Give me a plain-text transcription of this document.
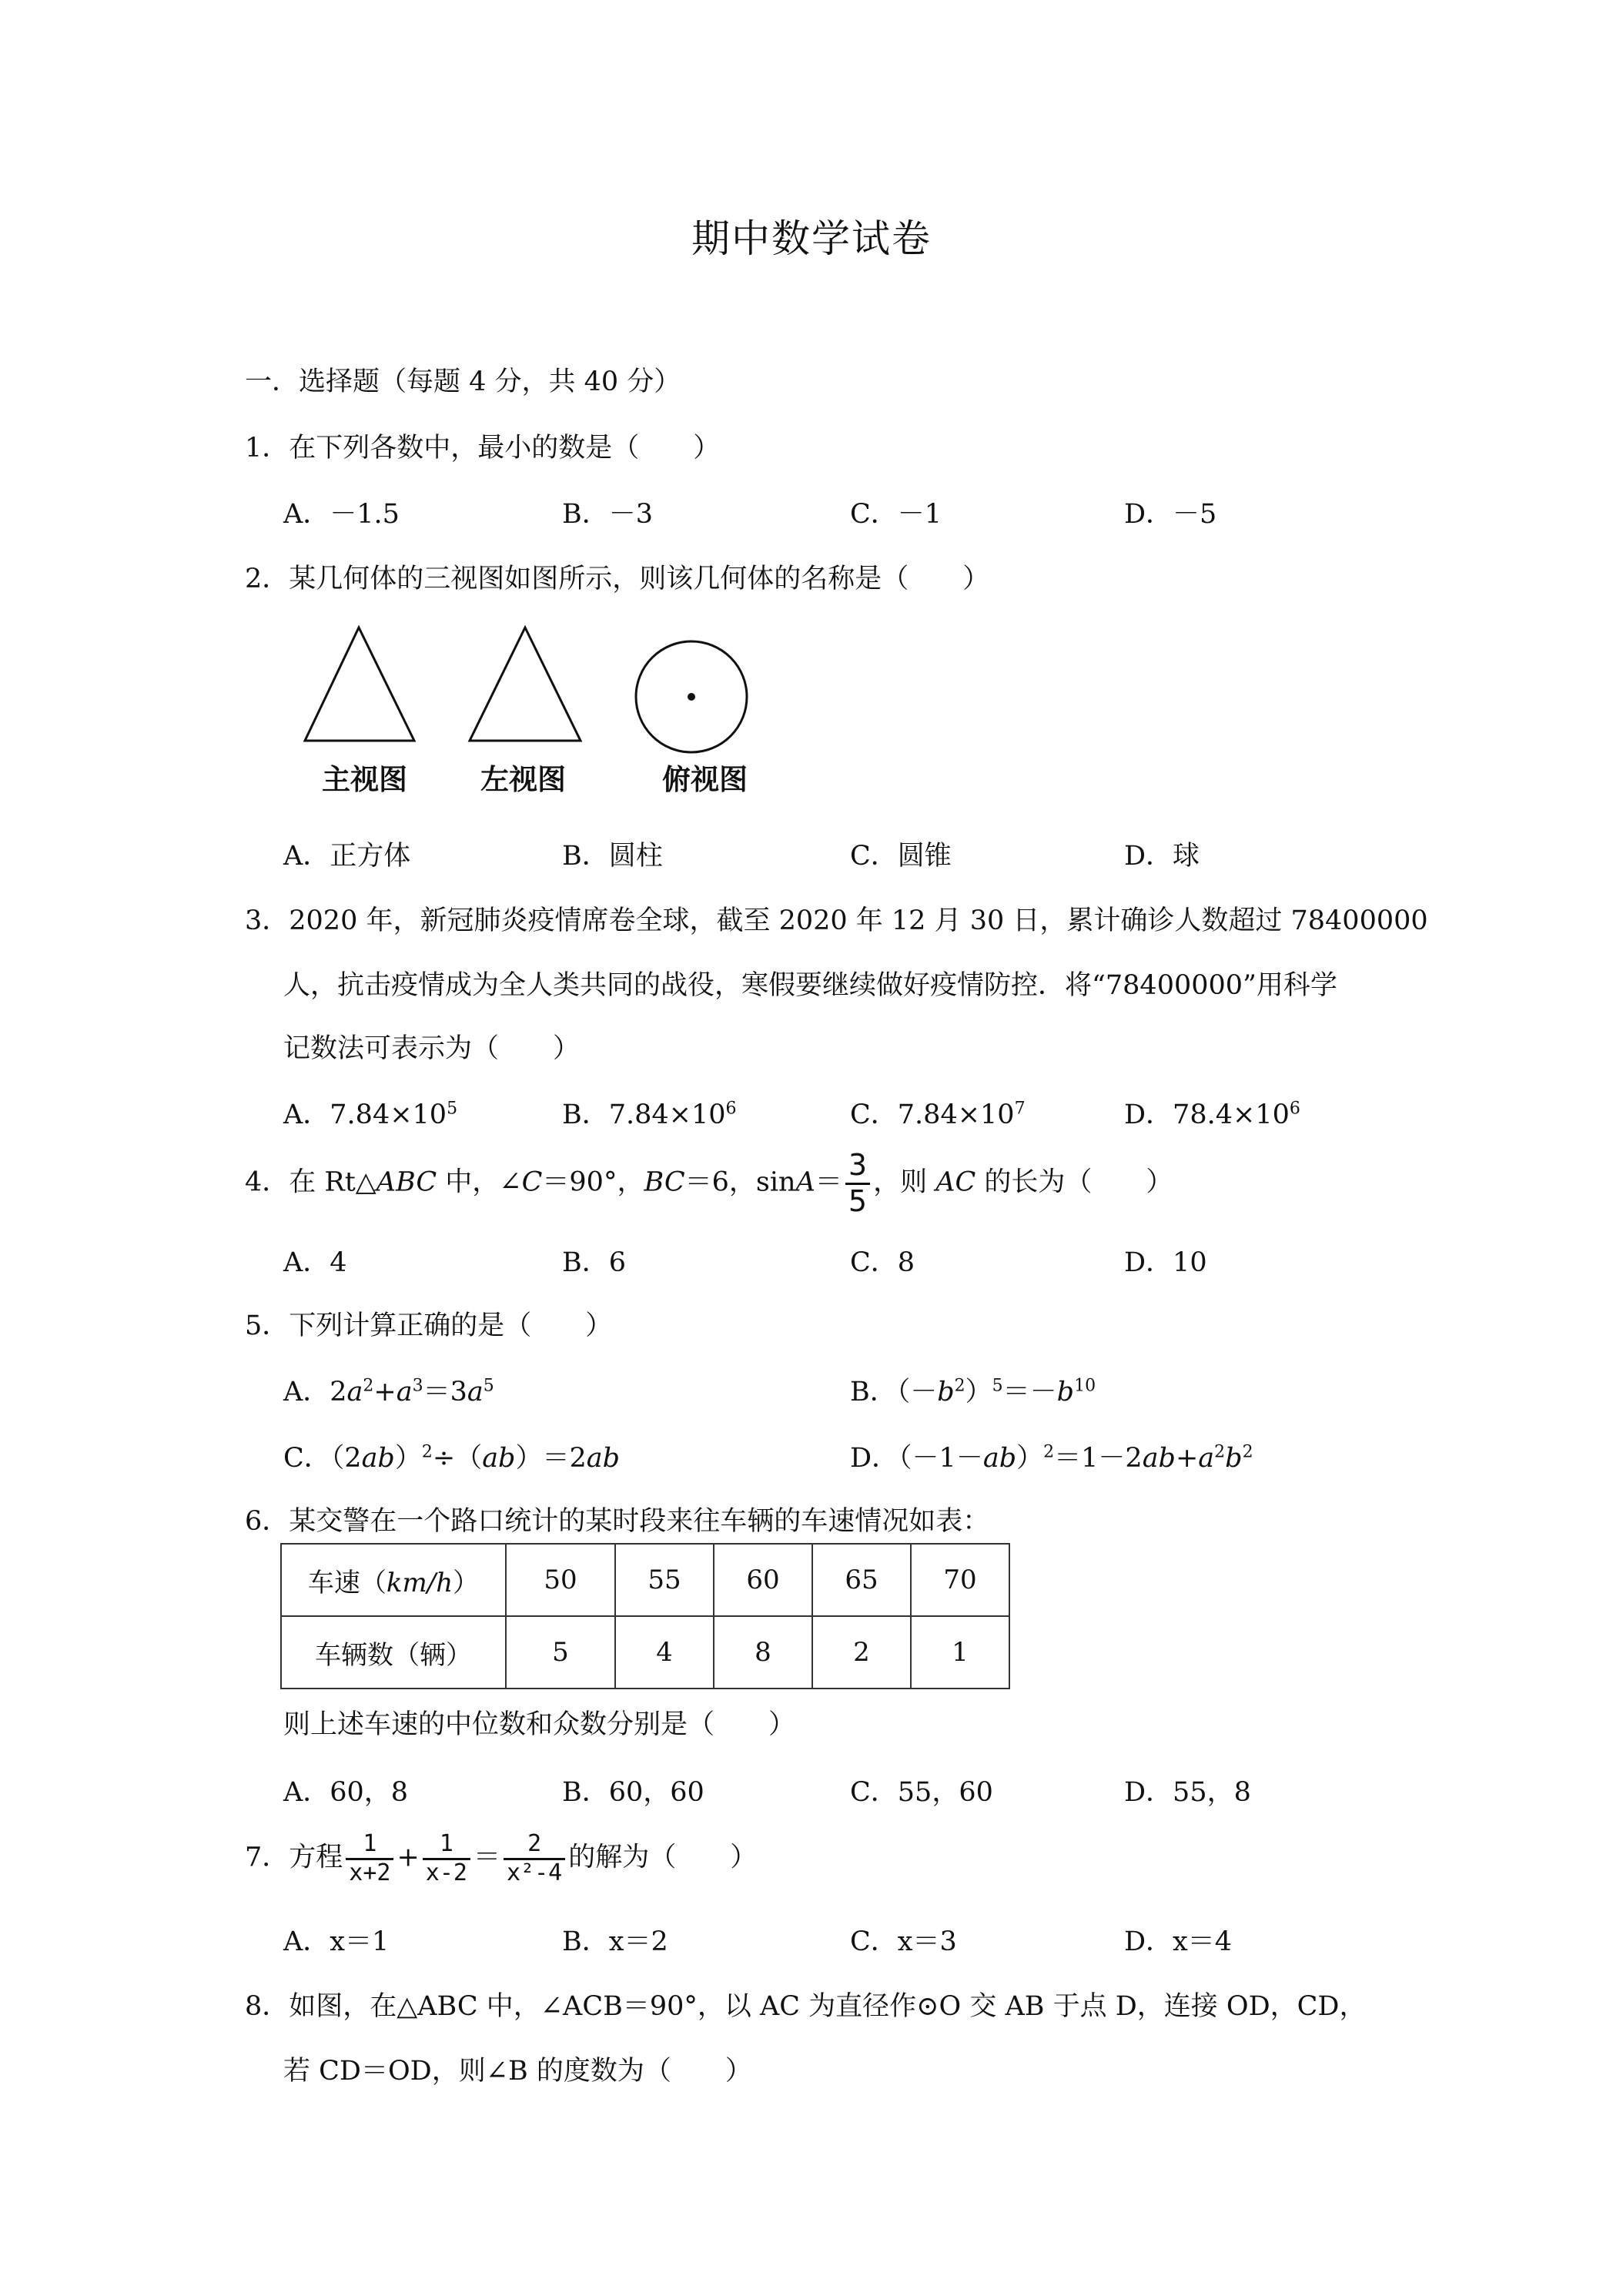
期中数学试卷
一．选择题（每题 4 分，共 40 分）
1．在下列各数中，最小的数是（　　）
A．－1.5	B．－3	C．－1	D．－5
2．某几何体的三视图如图所示，则该几何体的名称是（　　）
主视图	左视图	俯视图
A．正方体	B．圆柱	C．圆锥	D．球
3．2020 年，新冠肺炎疫情席卷全球，截至 2020 年 12 月 30 日，累计确诊人数超过 78400000
人，抗击疫情成为全人类共同的战役，寒假要继续做好疫情防控．将“78400000”用科学
记数法可表示为（　　）
A．$7.84\times 10^5$	B．$7.84\times 10^6$	C．$7.84\times 10^7$	D．$78.4\times 10^6$
4．在 Rt△ABC 中，∠C＝90°，BC＝6，$\sin A= \frac{3}{5}$ ，则 AC 的长为（　　）
A．4	B．6	C．8	D．10
5．下列计算正确的是（　　）
A．$2a^2+a^3=3a^5$	B．$(-b^2)^5=-b^{10}$
C．$(2ab)^2\div(ab)=2ab$	D．$(-1-ab)^2=1-2ab+a^2b^2$
6．某交警在一个路口统计的某时段来往车辆的车速情况如表：
车速（km/h）	50	55	60	65	70
车辆数（辆）	5	4	8	2	1
则上述车速的中位数和众数分别是（　　）
A．60，8	B．60，60	C．55，60	D．55，8
7．方程 $\frac{1}{x+2} + \frac{1}{x-2} = \frac{2}{\text{x²-4}}$ 的解为（　　）
A．x＝1	B．x＝2	C．x＝3	D．x＝4
8．如图，在△ABC 中，∠ACB＝90°，以 AC 为直径作⊙O 交 AB 于点 D，连接 OD，CD，
若 CD＝OD，则∠B 的度数为（　　）
